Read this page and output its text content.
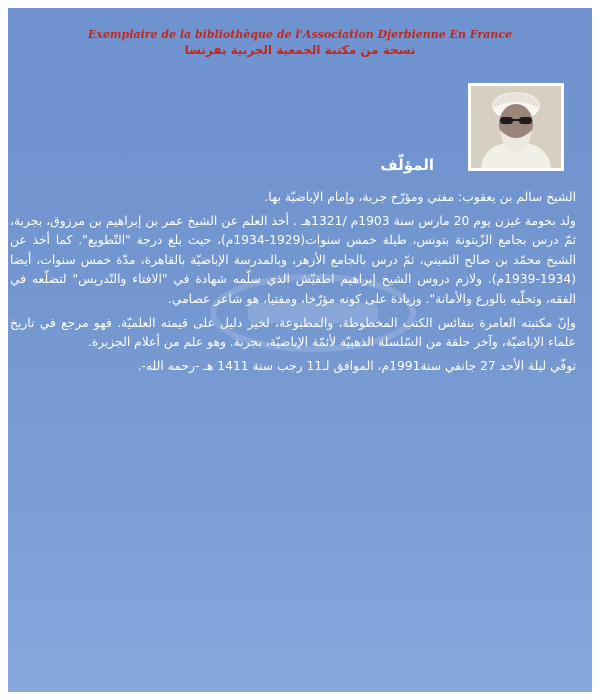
Exemplaire de la bibliothèque de l'Association Djerbienne En France
نسخة من مكتبة الجمعية الجربية بفرنسا
المؤلّف

الشيخ سالم بن يعقوب: مفتي ومؤرّخ جربة، وإمام الإباضيّة بها.

ولد بحومة غيزن يوم 20 مارس سنة 1903م /1321هـ . أخذ العلم عن الشيخ عمر بن إبراهيم بن مرزوق، بجربة، ثمّ درس بجامع الزّيتونة بتونس، طيلة خمس سنوات(1929-1934م)، حيث بلغ درجة "التّطويع". كما أخذ عن الشيخ محمّد بن صالح الثميني، ثمّ درس بالجامع الأزهر، وبالمدرسة الإباضيّة بالقاهرة، مدّة خمس سنوات، أيضا (1934-1939م). ولازم دروس الشيخ إبراهيم اطفيّش الذي سلّمه شهادة في "الافتاء والتّدريس" لتضلّعه في الفقه، وتحلّيه بالورع والأمانة". وزيادة على كونه مؤرّخا، ومفتيا، هو شاعر عصامي.

وإنّ مكتبته العامرة بنفائس الكتب المخطوطة، والمطبوعة، لخير دليل على قيمته العلميّة. فهو مرجع في تاريخ علماء الإباضيّة، وآخر حلقة من السّلسلة الذهبيّة لأئمّة الإباضيّة، بجربة. وهو علم من أعلام الجزيرة.

توفّي ليلة الأحد 27 جانفي سنة1991م، الموافق لـ11 رجب سنة 1411 هـ -رحمه الله-.
